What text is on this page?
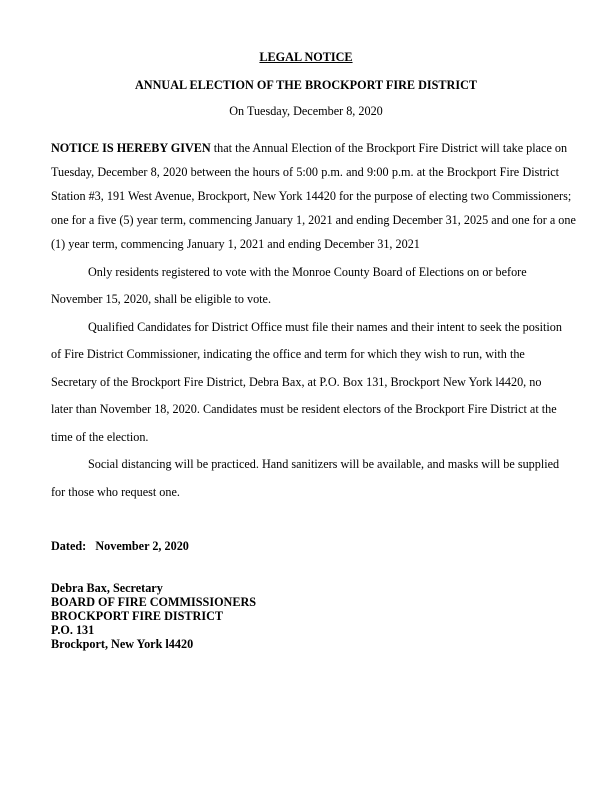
LEGAL NOTICE
ANNUAL ELECTION OF THE BROCKPORT FIRE DISTRICT
On Tuesday, December 8, 2020
NOTICE IS HEREBY GIVEN that the Annual Election of the Brockport Fire District will take place on
Tuesday, December 8, 2020 between the hours of 5:00 p.m. and 9:00 p.m. at the Brockport Fire District
Station #3, 191 West Avenue, Brockport, New York 14420 for the purpose of electing two Commissioners;
one for a five (5) year term, commencing January 1, 2021 and ending December 31, 2025 and one for a one
(1) year term, commencing January 1, 2021 and ending December 31, 2021
Only residents registered to vote with the Monroe County Board of Elections on or before
November 15, 2020, shall be eligible to vote.
Qualified Candidates for District Office must file their names and their intent to seek the position
of Fire District Commissioner, indicating the office and term for which they wish to run, with the
Secretary of the Brockport Fire District, Debra Bax, at P.O. Box 131, Brockport New York l4420, no
later than November 18, 2020. Candidates must be resident electors of the Brockport Fire District at the
time of the election.
Social distancing will be practiced. Hand sanitizers will be available, and masks will be supplied
for those who request one.
Dated: November 2, 2020
Debra Bax, Secretary
BOARD OF FIRE COMMISSIONERS
BROCKPORT FIRE DISTRICT
P.O. 131
Brockport, New York l4420
